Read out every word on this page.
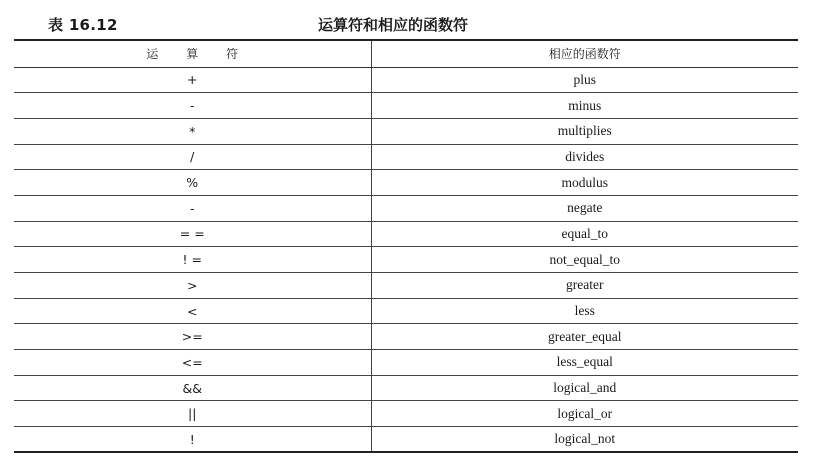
表 16.12	运算符和相应的函数符
运 算 符	相应的函数符
+	plus
-	minus
*	multiplies
/	divides
%	modulus
-	negate
= =	equal_to
! =	not_equal_to
>	greater
<	less
>=	greater_equal
<=	less_equal
&&	logical_and
||	logical_or
!	logical_not
